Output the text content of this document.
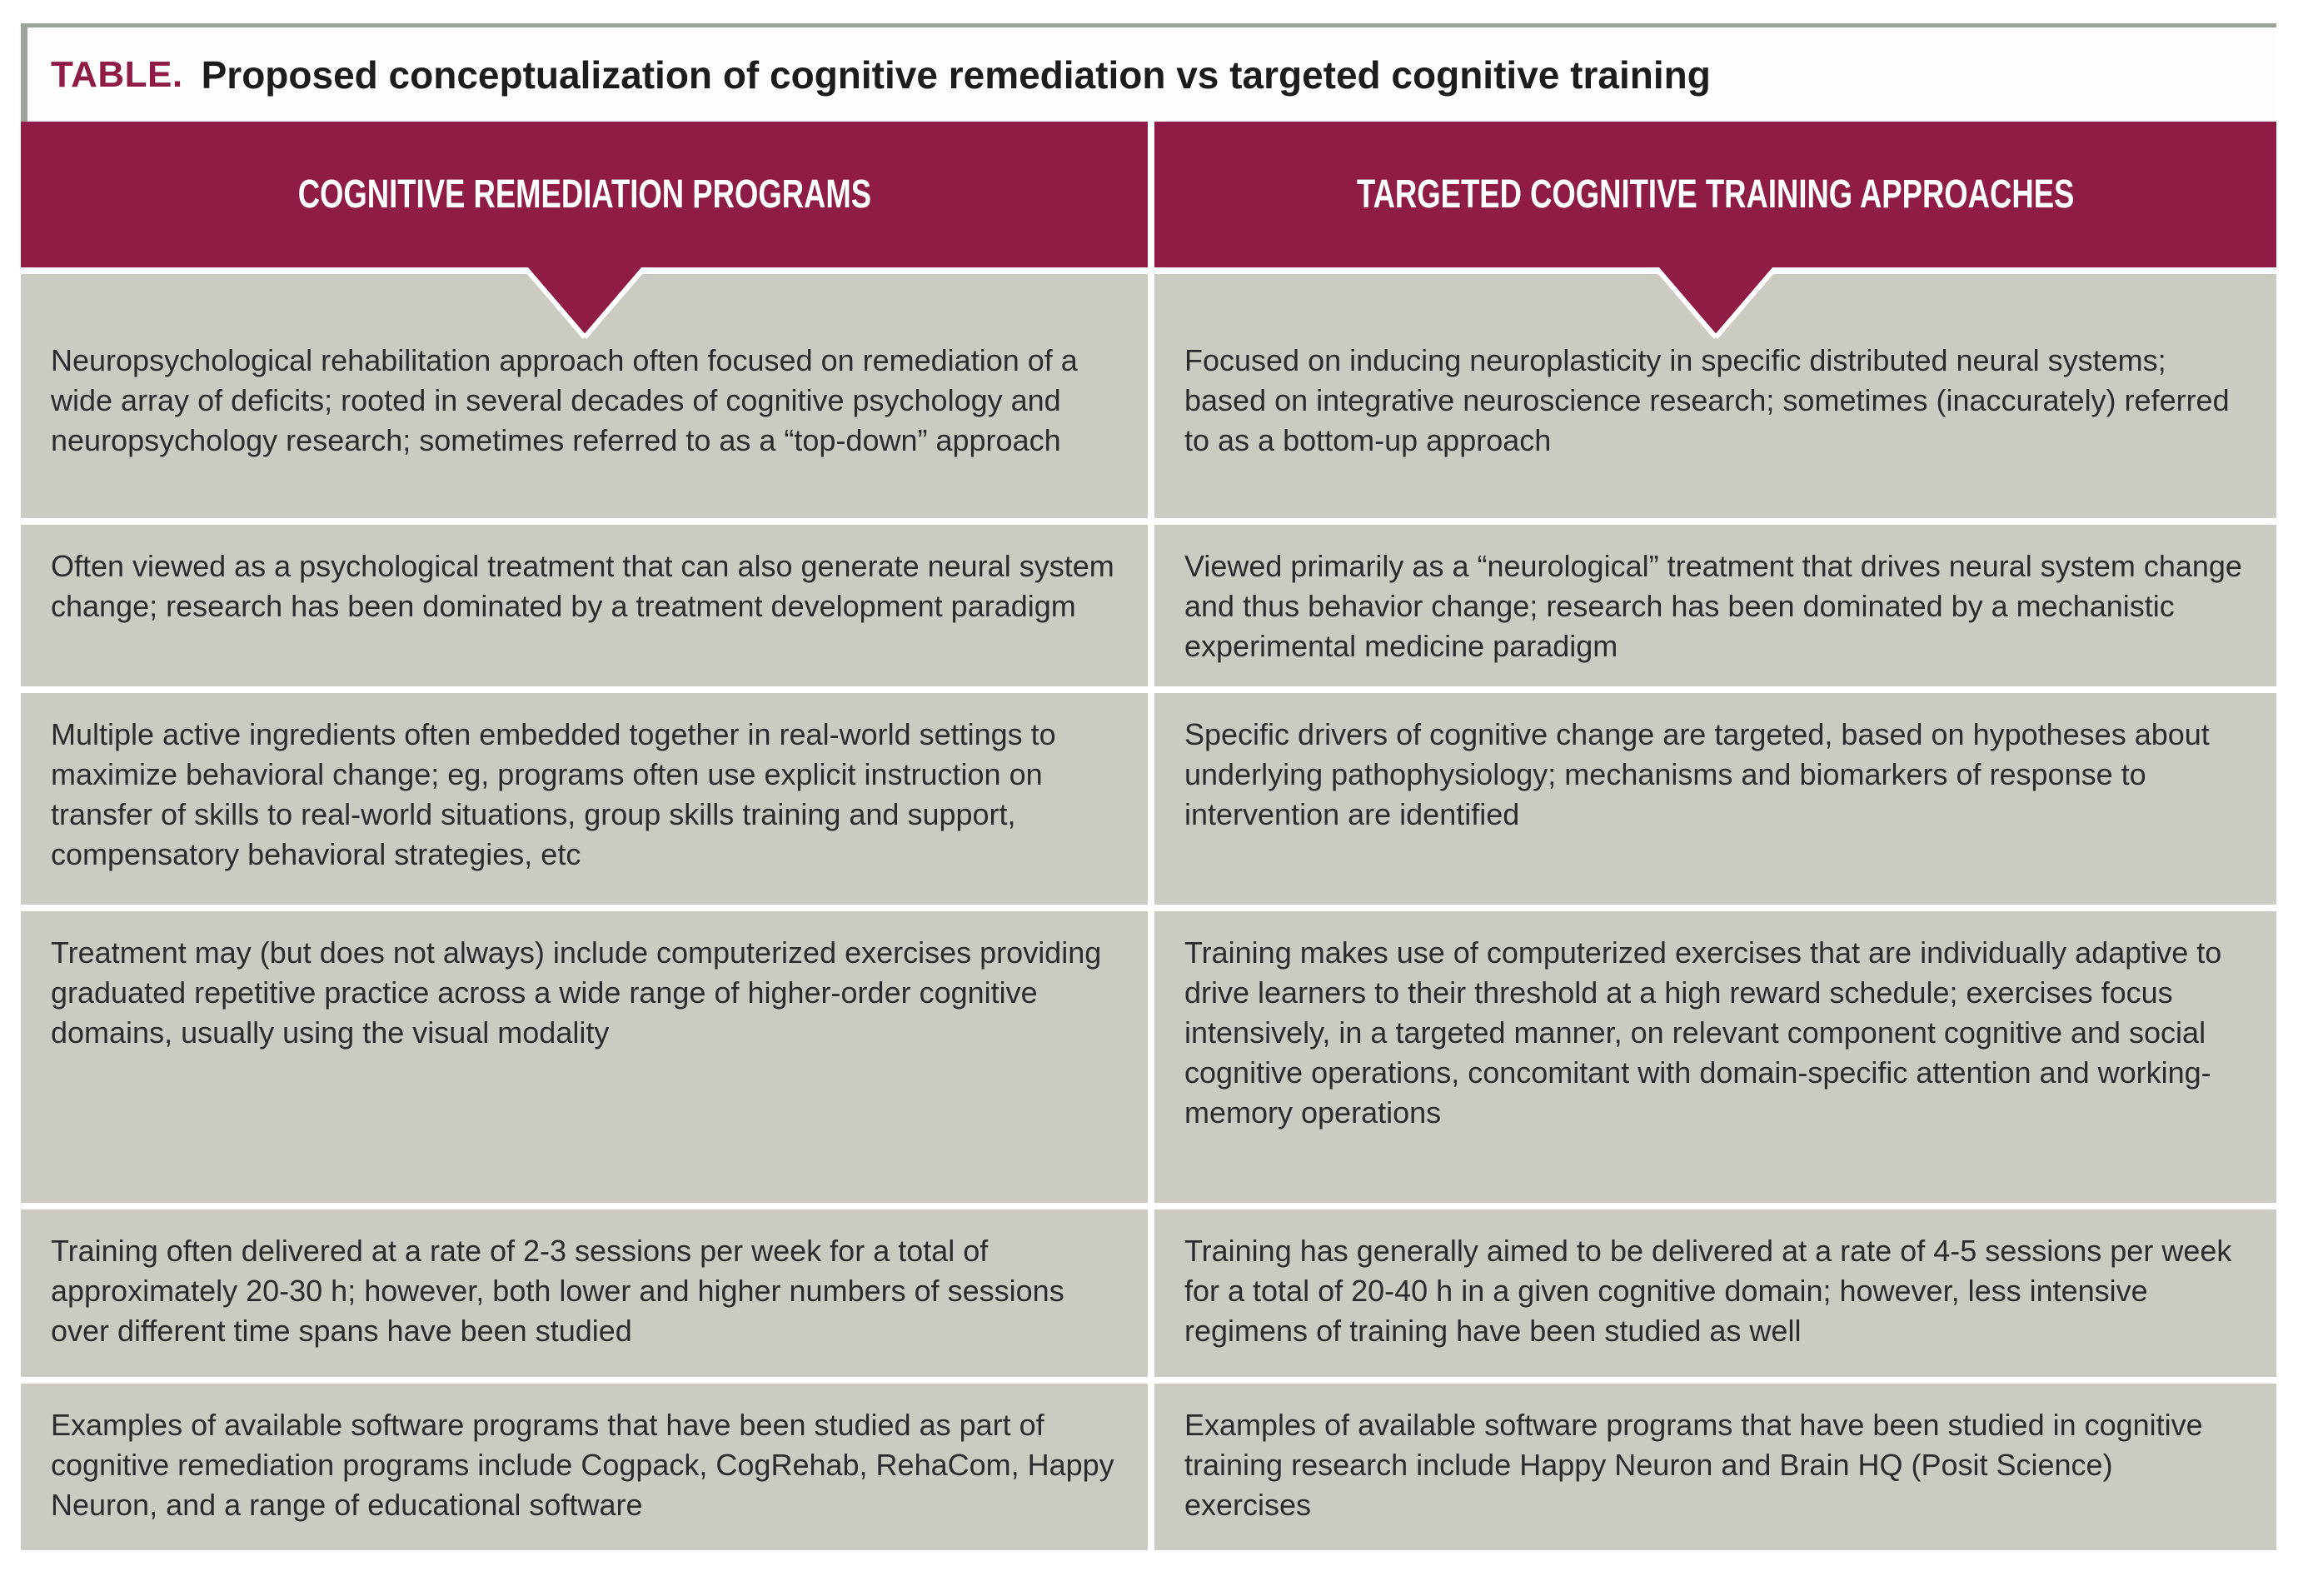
TABLE. Proposed conceptualization of cognitive remediation vs targeted cognitive training
COGNITIVE REMEDIATION PROGRAMS	TARGETED COGNITIVE TRAINING APPROACHES
Neuropsychological rehabilitation approach often focused on remediation of a wide array of deficits; rooted in several decades of cognitive psychology and neuropsychology research; sometimes referred to as a “top-down” approach
Focused on inducing neuroplasticity in specific distributed neural systems; based on integrative neuroscience research; sometimes (inaccurately) referred to as a bottom-up approach
Often viewed as a psychological treatment that can also generate neural system change; research has been dominated by a treatment development paradigm
Viewed primarily as a “neurological” treatment that drives neural system change and thus behavior change; research has been dominated by a mechanistic experimental medicine paradigm
Multiple active ingredients often embedded together in real-world settings to maximize behavioral change; eg, programs often use explicit instruction on transfer of skills to real-world situations, group skills training and support, compensatory behavioral strategies, etc
Specific drivers of cognitive change are targeted, based on hypotheses about underlying pathophysiology; mechanisms and biomarkers of response to intervention are identified
Treatment may (but does not always) include computerized exercises providing graduated repetitive practice across a wide range of higher-order cognitive domains, usually using the visual modality
Training makes use of computerized exercises that are individually adaptive to drive learners to their threshold at a high reward schedule; exercises focus intensively, in a targeted manner, on relevant component cognitive and social cognitive operations, concomitant with domain-specific attention and working-memory operations
Training often delivered at a rate of 2-3 sessions per week for a total of approximately 20-30 h; however, both lower and higher numbers of sessions over different time spans have been studied
Training has generally aimed to be delivered at a rate of 4-5 sessions per week for a total of 20-40 h in a given cognitive domain; however, less intensive regimens of training have been studied as well
Examples of available software programs that have been studied as part of cognitive remediation programs include Cogpack, CogRehab, RehaCom, Happy Neuron, and a range of educational software
Examples of available software programs that have been studied in cognitive training research include Happy Neuron and Brain HQ (Posit Science) exercises
